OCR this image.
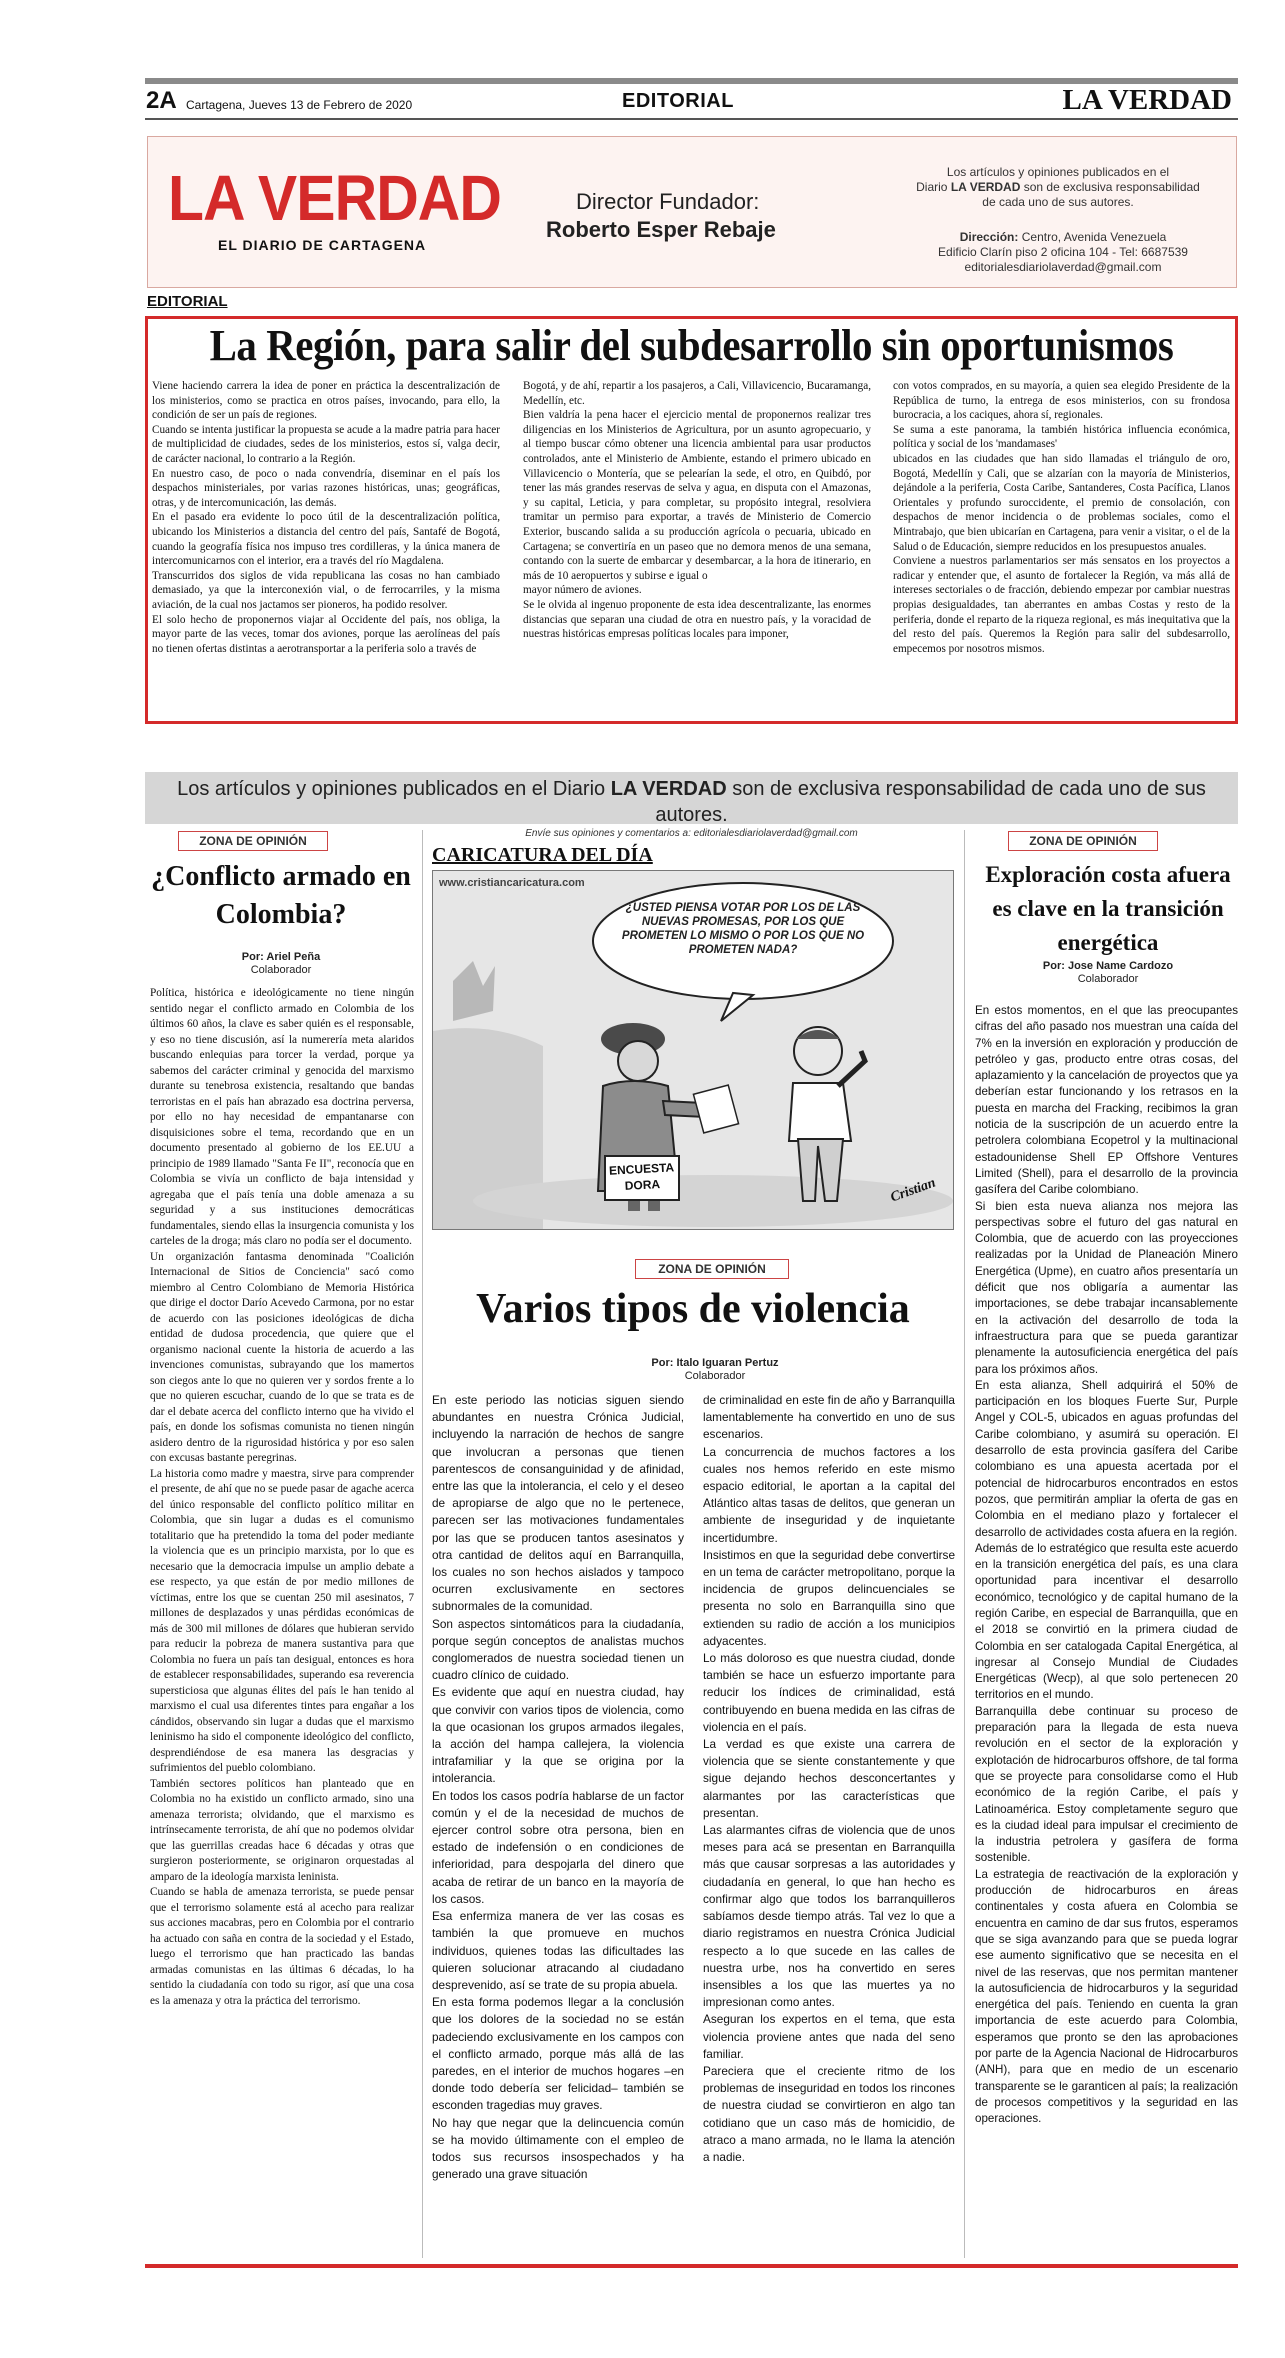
2A Cartagena, Jueves 13 de Febrero de 2020	EDITORIAL	LA VERDAD
LA VERDAD
EL DIARIO DE CARTAGENA
Director Fundador:
Roberto Esper Rebaje
Los artículos y opiniones publicados en el
Diario LA VERDAD son de exclusiva responsabilidad
de cada uno de sus autores.
Dirección: Centro, Avenida Venezuela
Edificio Clarín piso 2 oficina 104 - Tel: 6687539
editorialesdiariolaverdad@gmail.com
EDITORIAL
La Región, para salir del subdesarrollo sin oportunismos

Viene haciendo carrera la idea de poner en práctica la descentralización de los ministerios, como se practica en otros países, invocando, para ello, la condición de ser un país de regiones.
Cuando se intenta justificar la propuesta se acude a la madre patria para hacer de multiplicidad de ciudades, sedes de los ministerios, estos sí, valga decir, de carácter nacional, lo contrario a la Región.
En nuestro caso, de poco o nada convendría, diseminar en el país los despachos ministeriales, por varias razones históricas, unas; geográficas, otras, y de intercomunicación, las demás.
En el pasado era evidente lo poco útil de la descentralización política, ubicando los Ministerios a distancia del centro del país, Santafé de Bogotá, cuando la geografía física nos impuso tres cordilleras, y la única manera de intercomunicarnos con el interior, era a través del río Magdalena.
Transcurridos dos siglos de vida republicana las cosas no han cambiado demasiado, ya que la interconexión vial, o de ferrocarriles, y la misma aviación, de la cual nos jactamos ser pioneros, ha podido resolver.
El solo hecho de proponernos viajar al Occidente del país, nos obliga, la mayor parte de las veces, tomar dos aviones, porque las aerolíneas del país no tienen ofertas distintas a aerotransportar a la periferia solo a través de

Bogotá, y de ahí, repartir a los pasajeros, a Cali, Villavicencio, Bucaramanga, Medellín, etc.
Bien valdría la pena hacer el ejercicio mental de proponernos realizar tres diligencias en los Ministerios de Agricultura, por un asunto agropecuario, y al tiempo buscar cómo obtener una licencia ambiental para usar productos controlados, ante el Ministerio de Ambiente, estando el primero ubicado en Villavicencio o Montería, que se pelearían la sede, el otro, en Quibdó, por tener las más grandes reservas de selva y agua, en disputa con el Amazonas, y su capital, Leticia, y para completar, su propósito integral, resolviera tramitar un permiso para exportar, a través de Ministerio de Comercio Exterior, buscando salida a su producción agrícola o pecuaria, ubicado en Cartagena; se convertiría en un paseo que no demora menos de una semana, contando con la suerte de embarcar y desembarcar, a la hora de itinerario, en más de 10 aeropuertos y subirse e igual o
mayor número de aviones.
Se le olvida al ingenuo proponente de esta idea descentralizante, las enormes distancias que separan una ciudad de otra en nuestro país, y la voracidad de nuestras históricas empresas políticas locales para imponer,

con votos comprados, en su mayoría, a quien sea elegido Presidente de la República de turno, la entrega de esos ministerios, con su frondosa burocracia, a los caciques, ahora sí, regionales.
Se suma a este panorama, la también histórica influencia económica, política y social de los 'mandamases'
ubicados en las ciudades que han sido llamadas el triángulo de oro, Bogotá, Medellín y Cali, que se alzarían con la mayoría de Ministerios, dejándole a la periferia, Costa Caribe, Santanderes, Costa Pacífica, Llanos Orientales y profundo suroccidente, el premio de consolación, con despachos de menor incidencia o de problemas sociales, como el Mintrabajo, que bien ubicarían en Cartagena, para venir a visitar, o el de la Salud o de Educación, siempre reducidos en los presupuestos anuales.
Conviene a nuestros parlamentarios ser más sensatos en los proyectos a radicar y entender que, el asunto de fortalecer la Región, va más allá de intereses sectoriales o de fracción, debiendo empezar por cambiar nuestras propias desigualdades, tan aberrantes en ambas Costas y resto de la periferia, donde el reparto de la riqueza regional, es más inequitativa que la del resto del país. Queremos la Región para salir del subdesarrollo, empecemos por nosotros mismos.

Los artículos y opiniones publicados en el Diario LA VERDAD son de exclusiva responsabilidad de cada uno de sus autores.
Envíe sus opiniones y comentarios a: editorialesdiariolaverdad@gmail.com
ZONA DE OPINIÓN
¿Conflicto armado en Colombia?
Por: Ariel Peña
Colaborador

Política, histórica e ideológicamente no tiene ningún sentido negar el conflicto armado en Colombia de los últimos 60 años, la clave es saber quién es el responsable, y eso no tiene discusión, así la numerería meta alaridos buscando enlequias para torcer la verdad, porque ya sabemos del carácter criminal y genocida del marxismo durante su tenebrosa existencia, resaltando que bandas terroristas en el país han abrazado esa doctrina perversa, por ello no hay necesidad de empantanarse con disquisiciones sobre el tema, recordando que en un documento presentado al gobierno de los EE.UU a principio de 1989 llamado "Santa Fe II", reconocía que en Colombia se vivía un conflicto de baja intensidad y agregaba que el país tenía una doble amenaza a su seguridad y a sus instituciones democráticas fundamentales, siendo ellas la insurgencia comunista y los carteles de la droga; más claro no podía ser el documento.
Un organización fantasma denominada "Coalición Internacional de Sitios de Conciencia" sacó como miembro al Centro Colombiano de Memoria Histórica que dirige el doctor Darío Acevedo Carmona, por no estar de acuerdo con las posiciones ideológicas de dicha entidad de dudosa procedencia, que quiere que el organismo nacional cuente la historia de acuerdo a las invenciones comunistas, subrayando que los mamertos son ciegos ante lo que no quieren ver y sordos frente a lo que no quieren escuchar, cuando de lo que se trata es de dar el debate acerca del conflicto interno que ha vivido el país, en donde los sofismas comunista no tienen ningún asidero dentro de la rigurosidad histórica y por eso salen con excusas bastante peregrinas.
La historia como madre y maestra, sirve para comprender el presente, de ahí que no se puede pasar de agache acerca del único responsable del conflicto político militar en Colombia, que sin lugar a dudas es el comunismo totalitario que ha pretendido la toma del poder mediante la violencia que es un principio marxista, por lo que es necesario que la democracia impulse un amplio debate a ese respecto, ya que están de por medio millones de víctimas, entre los que se cuentan 250 mil asesinatos, 7 millones de desplazados y unas pérdidas económicas de más de 300 mil millones de dólares que hubieran servido para reducir la pobreza de manera sustantiva para que Colombia no fuera un país tan desigual, entonces es hora de establecer responsabilidades, superando esa reverencia supersticiosa que algunas élites del país le han tenido al marxismo el cual usa diferentes tintes para engañar a los cándidos, observando sin lugar a dudas que el marxismo leninismo ha sido el componente ideológico del conflicto, desprendiéndose de esa manera las desgracias y sufrimientos del pueblo colombiano.
También sectores políticos han planteado que en Colombia no ha existido un conflicto armado, sino una amenaza terrorista; olvidando, que el marxismo es intrínsecamente terrorista, de ahí que no podemos olvidar que las guerrillas creadas hace 6 décadas y otras que surgieron posteriormente, se originaron orquestadas al amparo de la ideología marxista leninista.
Cuando se habla de amenaza terrorista, se puede pensar que el terrorismo solamente está al acecho para realizar sus acciones macabras, pero en Colombia por el contrario ha actuado con saña en contra de la sociedad y el Estado, luego el terrorismo que han practicado las bandas armadas comunistas en las últimas 6 décadas, lo ha sentido la ciudadanía con todo su rigor, así que una cosa es la amenaza y otra la práctica del terrorismo.

CARICATURA DEL DÍA
www.cristiancaricatura.com
¿USTED PIENSA VOTAR POR LOS DE LAS NUEVAS PROMESAS, POR LOS QUE PROMETEN LO MISMO O POR LOS QUE NO PROMETEN NADA?
ENCUESTA DORA	Cristian
ZONA DE OPINIÓN
Varios tipos de violencia
Por: Italo Iguaran Pertuz
Colaborador

En este periodo las noticias siguen siendo abundantes en nuestra Crónica Judicial, incluyendo la narración de hechos de sangre que involucran a personas que tienen parentescos de consanguinidad y de afinidad, entre las que la intolerancia, el celo y el deseo de apropiarse de algo que no le pertenece, parecen ser las motivaciones fundamentales por las que se producen tantos asesinatos y otra cantidad de delitos aquí en Barranquilla, los cuales no son hechos aislados y tampoco ocurren exclusivamente en sectores subnormales de la comunidad.
Son aspectos sintomáticos para la ciudadanía, porque según conceptos de analistas muchos conglomerados de nuestra sociedad tienen un cuadro clínico de cuidado.
Es evidente que aquí en nuestra ciudad, hay que convivir con varios tipos de violencia, como la que ocasionan los grupos armados ilegales, la acción del hampa callejera, la violencia intrafamiliar y la que se origina por la intolerancia.
En todos los casos podría hablarse de un factor común y el de la necesidad de muchos de ejercer control sobre otra persona, bien en estado de indefensión o en condiciones de inferioridad, para despojarla del dinero que acaba de retirar de un banco en la mayoría de los casos.
Esa enfermiza manera de ver las cosas es también la que promueve en muchos individuos, quienes todas las dificultades las quieren solucionar atracando al ciudadano desprevenido, así se trate de su propia abuela.
En esta forma podemos llegar a la conclusión que los dolores de la sociedad no se están padeciendo exclusivamente en los campos con el conflicto armado, porque más allá de las paredes, en el interior de muchos hogares –en donde todo debería ser felicidad– también se esconden tragedias muy graves.
No hay que negar que la delincuencia común se ha movido últimamente con el empleo de todos sus recursos insospechados y ha generado una grave situación

de criminalidad en este fin de año y Barranquilla lamentablemente ha convertido en uno de sus escenarios.
La concurrencia de muchos factores a los cuales nos hemos referido en este mismo espacio editorial, le aportan a la capital del Atlántico altas tasas de delitos, que generan un ambiente de inseguridad y de inquietante incertidumbre.
Insistimos en que la seguridad debe convertirse en un tema de carácter metropolitano, porque la incidencia de grupos delincuenciales se presenta no solo en Barranquilla sino que extienden su radio de acción a los municipios adyacentes.
Lo más doloroso es que nuestra ciudad, donde también se hace un esfuerzo importante para reducir los índices de criminalidad, está contribuyendo en buena medida en las cifras de violencia en el país.
La verdad es que existe una carrera de violencia que se siente constantemente y que sigue dejando hechos desconcertantes y alarmantes por las características que presentan.
Las alarmantes cifras de violencia que de unos meses para acá se presentan en Barranquilla más que causar sorpresas a las autoridades y ciudadanía en general, lo que han hecho es confirmar algo que todos los barranquilleros sabíamos desde tiempo atrás. Tal vez lo que a diario registramos en nuestra Crónica Judicial respecto a lo que sucede en las calles de nuestra urbe, nos ha convertido en seres insensibles a los que las muertes ya no impresionan como antes.
Aseguran los expertos en el tema, que esta violencia proviene antes que nada del seno familiar.
Pareciera que el creciente ritmo de los problemas de inseguridad en todos los rincones de nuestra ciudad se convirtieron en algo tan cotidiano que un caso más de homicidio, de atraco a mano armada, no le llama la atención a nadie.

ZONA DE OPINIÓN
Exploración costa afuera es clave en la transición energética
Por: Jose Name Cardozo
Colaborador

En estos momentos, en el que las preocupantes cifras del año pasado nos muestran una caída del 7% en la inversión en exploración y producción de petróleo y gas, producto entre otras cosas, del aplazamiento y la cancelación de proyectos que ya deberían estar funcionando y los retrasos en la puesta en marcha del Fracking, recibimos la gran noticia de la suscripción de un acuerdo entre la petrolera colombiana Ecopetrol y la multinacional estadounidense Shell EP Offshore Ventures Limited (Shell), para el desarrollo de la provincia gasífera del Caribe colombiano.
Si bien esta nueva alianza nos mejora las perspectivas sobre el futuro del gas natural en Colombia, que de acuerdo con las proyecciones realizadas por la Unidad de Planeación Minero Energética (Upme), en cuatro años presentaría un déficit que nos obligaría a aumentar las importaciones, se debe trabajar incansablemente en la activación del desarrollo de toda la infraestructura para que se pueda garantizar plenamente la autosuficiencia energética del país para los próximos años.
En esta alianza, Shell adquirirá el 50% de participación en los bloques Fuerte Sur, Purple Angel y COL-5, ubicados en aguas profundas del Caribe colombiano, y asumirá su operación. El desarrollo de esta provincia gasífera del Caribe colombiano es una apuesta acertada por el potencial de hidrocarburos encontrados en estos pozos, que permitirán ampliar la oferta de gas en Colombia en el mediano plazo y fortalecer el desarrollo de actividades costa afuera en la región.
Además de lo estratégico que resulta este acuerdo en la transición energética del país, es una clara oportunidad para incentivar el desarrollo económico, tecnológico y de capital humano de la región Caribe, en especial de Barranquilla, que en el 2018 se convirtió en la primera ciudad de Colombia en ser catalogada Capital Energética, al ingresar al Consejo Mundial de Ciudades Energéticas (Wecp), al que solo pertenecen 20 territorios en el mundo.
Barranquilla debe continuar su proceso de preparación para la llegada de esta nueva revolución en el sector de la exploración y explotación de hidrocarburos offshore, de tal forma que se proyecte para consolidarse como el Hub económico de la región Caribe, el país y Latinoamérica. Estoy completamente seguro que es la ciudad ideal para impulsar el crecimiento de la industria petrolera y gasífera de forma sostenible.
La estrategia de reactivación de la exploración y producción de hidrocarburos en áreas continentales y costa afuera en Colombia se encuentra en camino de dar sus frutos, esperamos que se siga avanzando para que se pueda lograr ese aumento significativo que se necesita en el nivel de las reservas, que nos permitan mantener la autosuficiencia de hidrocarburos y la seguridad energética del país. Teniendo en cuenta la gran importancia de este acuerdo para Colombia, esperamos que pronto se den las aprobaciones por parte de la Agencia Nacional de Hidrocarburos (ANH), para que en medio de un escenario transparente se le garanticen al país; la realización de procesos competitivos y la seguridad en las operaciones.
